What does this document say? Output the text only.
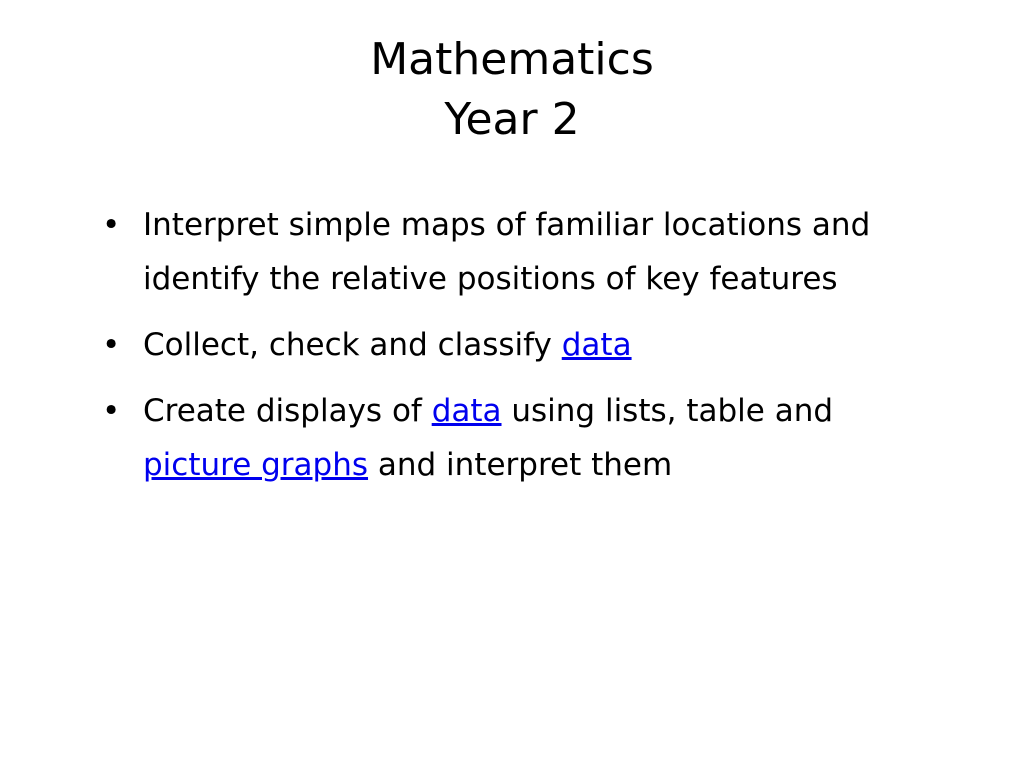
Mathematics
Year 2
• Interpret simple maps of familiar locations and identify the relative positions of key features
• Collect, check and classify data
• Create displays of data using lists, table and picture graphs and interpret them
